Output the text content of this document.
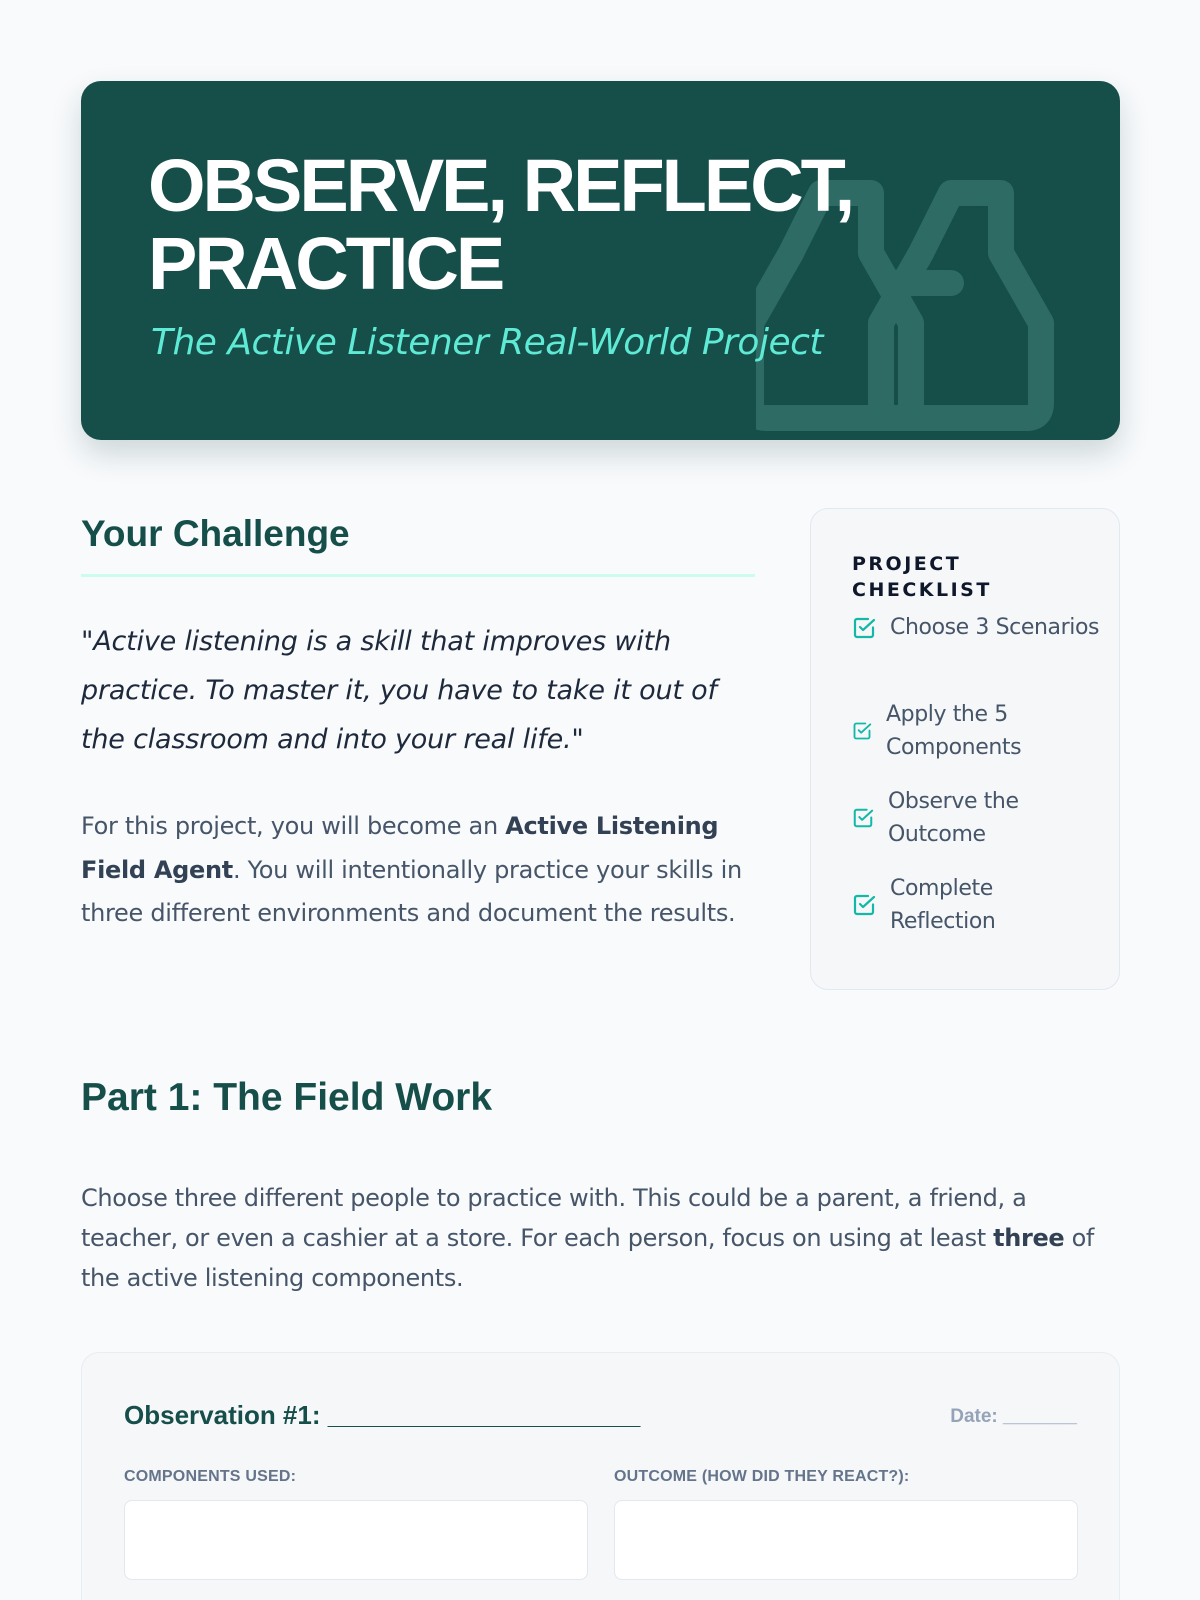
OBSERVE, REFLECT, PRACTICE
The Active Listener Real-World Project
Your Challenge

"Active listening is a skill that improves with practice. To master it, you have to take it out of the classroom and into your real life."

For this project, you will become an Active Listening Field Agent. You will intentionally practice your skills in three different environments and document the results.

PROJECT CHECKLIST
Choose 3 Scenarios
Apply the 5 Components
Observe the Outcome
Complete Reflection
Part 1: The Field Work

Choose three different people to practice with. This could be a parent, a friend, a teacher, or even a cashier at a store. For each person, focus on using at least three of the active listening components.

Observation #1: ________________________	Date: _______
COMPONENTS USED:	OUTCOME (HOW DID THEY REACT?):
